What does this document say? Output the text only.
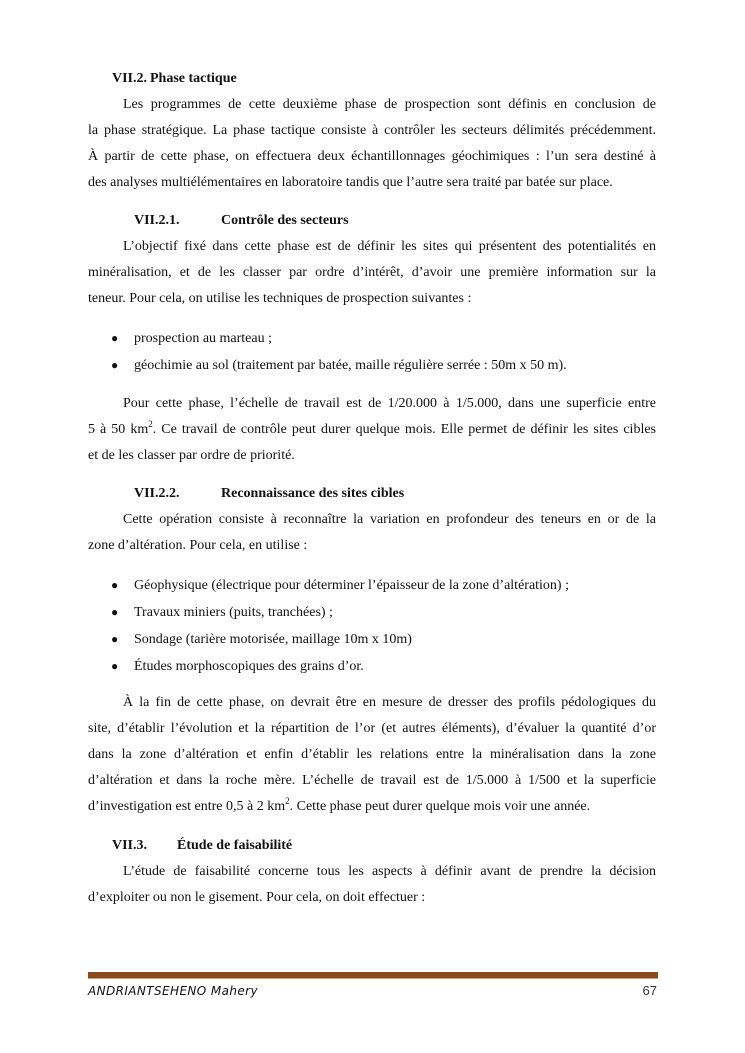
VII.2. Phase tactique
Les programmes de cette deuxième phase de prospection sont définis en conclusion de
la phase stratégique. La phase tactique consiste à contrôler les secteurs délimités précédemment.
À partir de cette phase, on effectuera deux échantillonnages géochimiques : l’un sera destiné à
des analyses multiélémentaires en laboratoire tandis que l’autre sera traité par batée sur place.
VII.2.1.	Contrôle des secteurs
L’objectif fixé dans cette phase est de définir les sites qui présentent des potentialités en
minéralisation, et de les classer par ordre d’intérêt, d’avoir une première information sur la
teneur. Pour cela, on utilise les techniques de prospection suivantes :
● prospection au marteau ;
● géochimie au sol (traitement par batée, maille régulière serrée : 50m x 50 m).
Pour cette phase, l’échelle de travail est de 1/20.000 à 1/5.000, dans une superficie entre
5 à 50 $km^2$. Ce travail de contrôle peut durer quelque mois. Elle permet de définir les sites cibles
et de les classer par ordre de priorité.
VII.2.2.	Reconnaissance des sites cibles
Cette opération consiste à reconnaître la variation en profondeur des teneurs en or de la
zone d’altération. Pour cela, en utilise :
● Géophysique (électrique pour déterminer l’épaisseur de la zone d’altération) ;
● Travaux miniers (puits, tranchées) ;
● Sondage (tarière motorisée, maillage 10m x 10m)
● Études morphoscopiques des grains d’or.
À la fin de cette phase, on devrait être en mesure de dresser des profils pédologiques du
site, d’établir l’évolution et la répartition de l’or (et autres éléments), d’évaluer la quantité d’or
dans la zone d’altération et enfin d’établir les relations entre la minéralisation dans la zone
d’altération et dans la roche mère. L’échelle de travail est de 1/5.000 à 1/500 et la superficie
d’investigation est entre 0,5 à 2 $km^2$. Cette phase peut durer quelque mois voir une année.
VII.3. Étude de faisabilité
L’étude de faisabilité concerne tous les aspects à définir avant de prendre la décision
d’exploiter ou non le gisement. Pour cela, on doit effectuer :
ANDRIANTSEHENO Mahery	67
